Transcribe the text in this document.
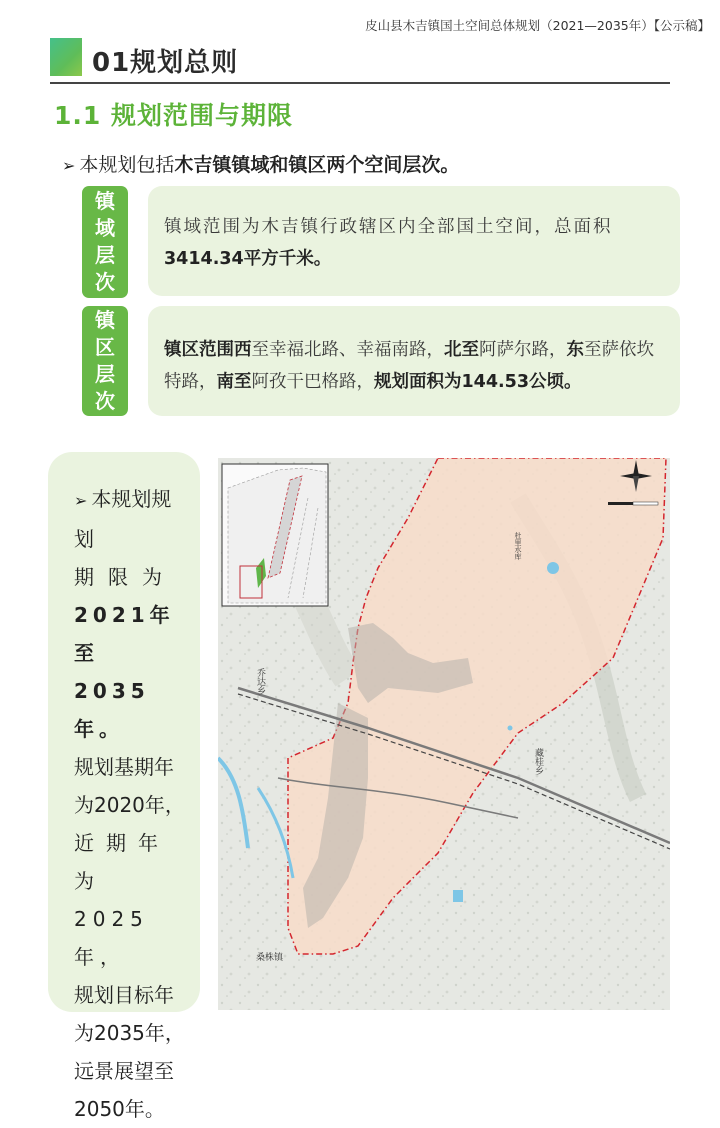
皮山县木吉镇国土空间总体规划（2021—2035年）【公示稿】
01规划总则
1.1 规划范围与期限
➢ 本规划包括木吉镇镇域和镇区两个空间层次。
镇
域
层
次
镇域范围为木吉镇行政辖区内全部国土空间，总面积
3414.34平方千米。
镇
区
层
次
镇区范围西至幸福北路、幸福南路，北至阿萨尔路，东至萨依坎特路，南至阿孜干巴格路，规划面积为144.53公顷。
➢ 本规划规划
期限为
2021年至
2035年。
规划基期年
为2020年，
近期年为
2025年，
规划目标年
为2035年，
远景展望至
2050年。
乔达乡
藏桂乡
桑株镇
杜里水库
